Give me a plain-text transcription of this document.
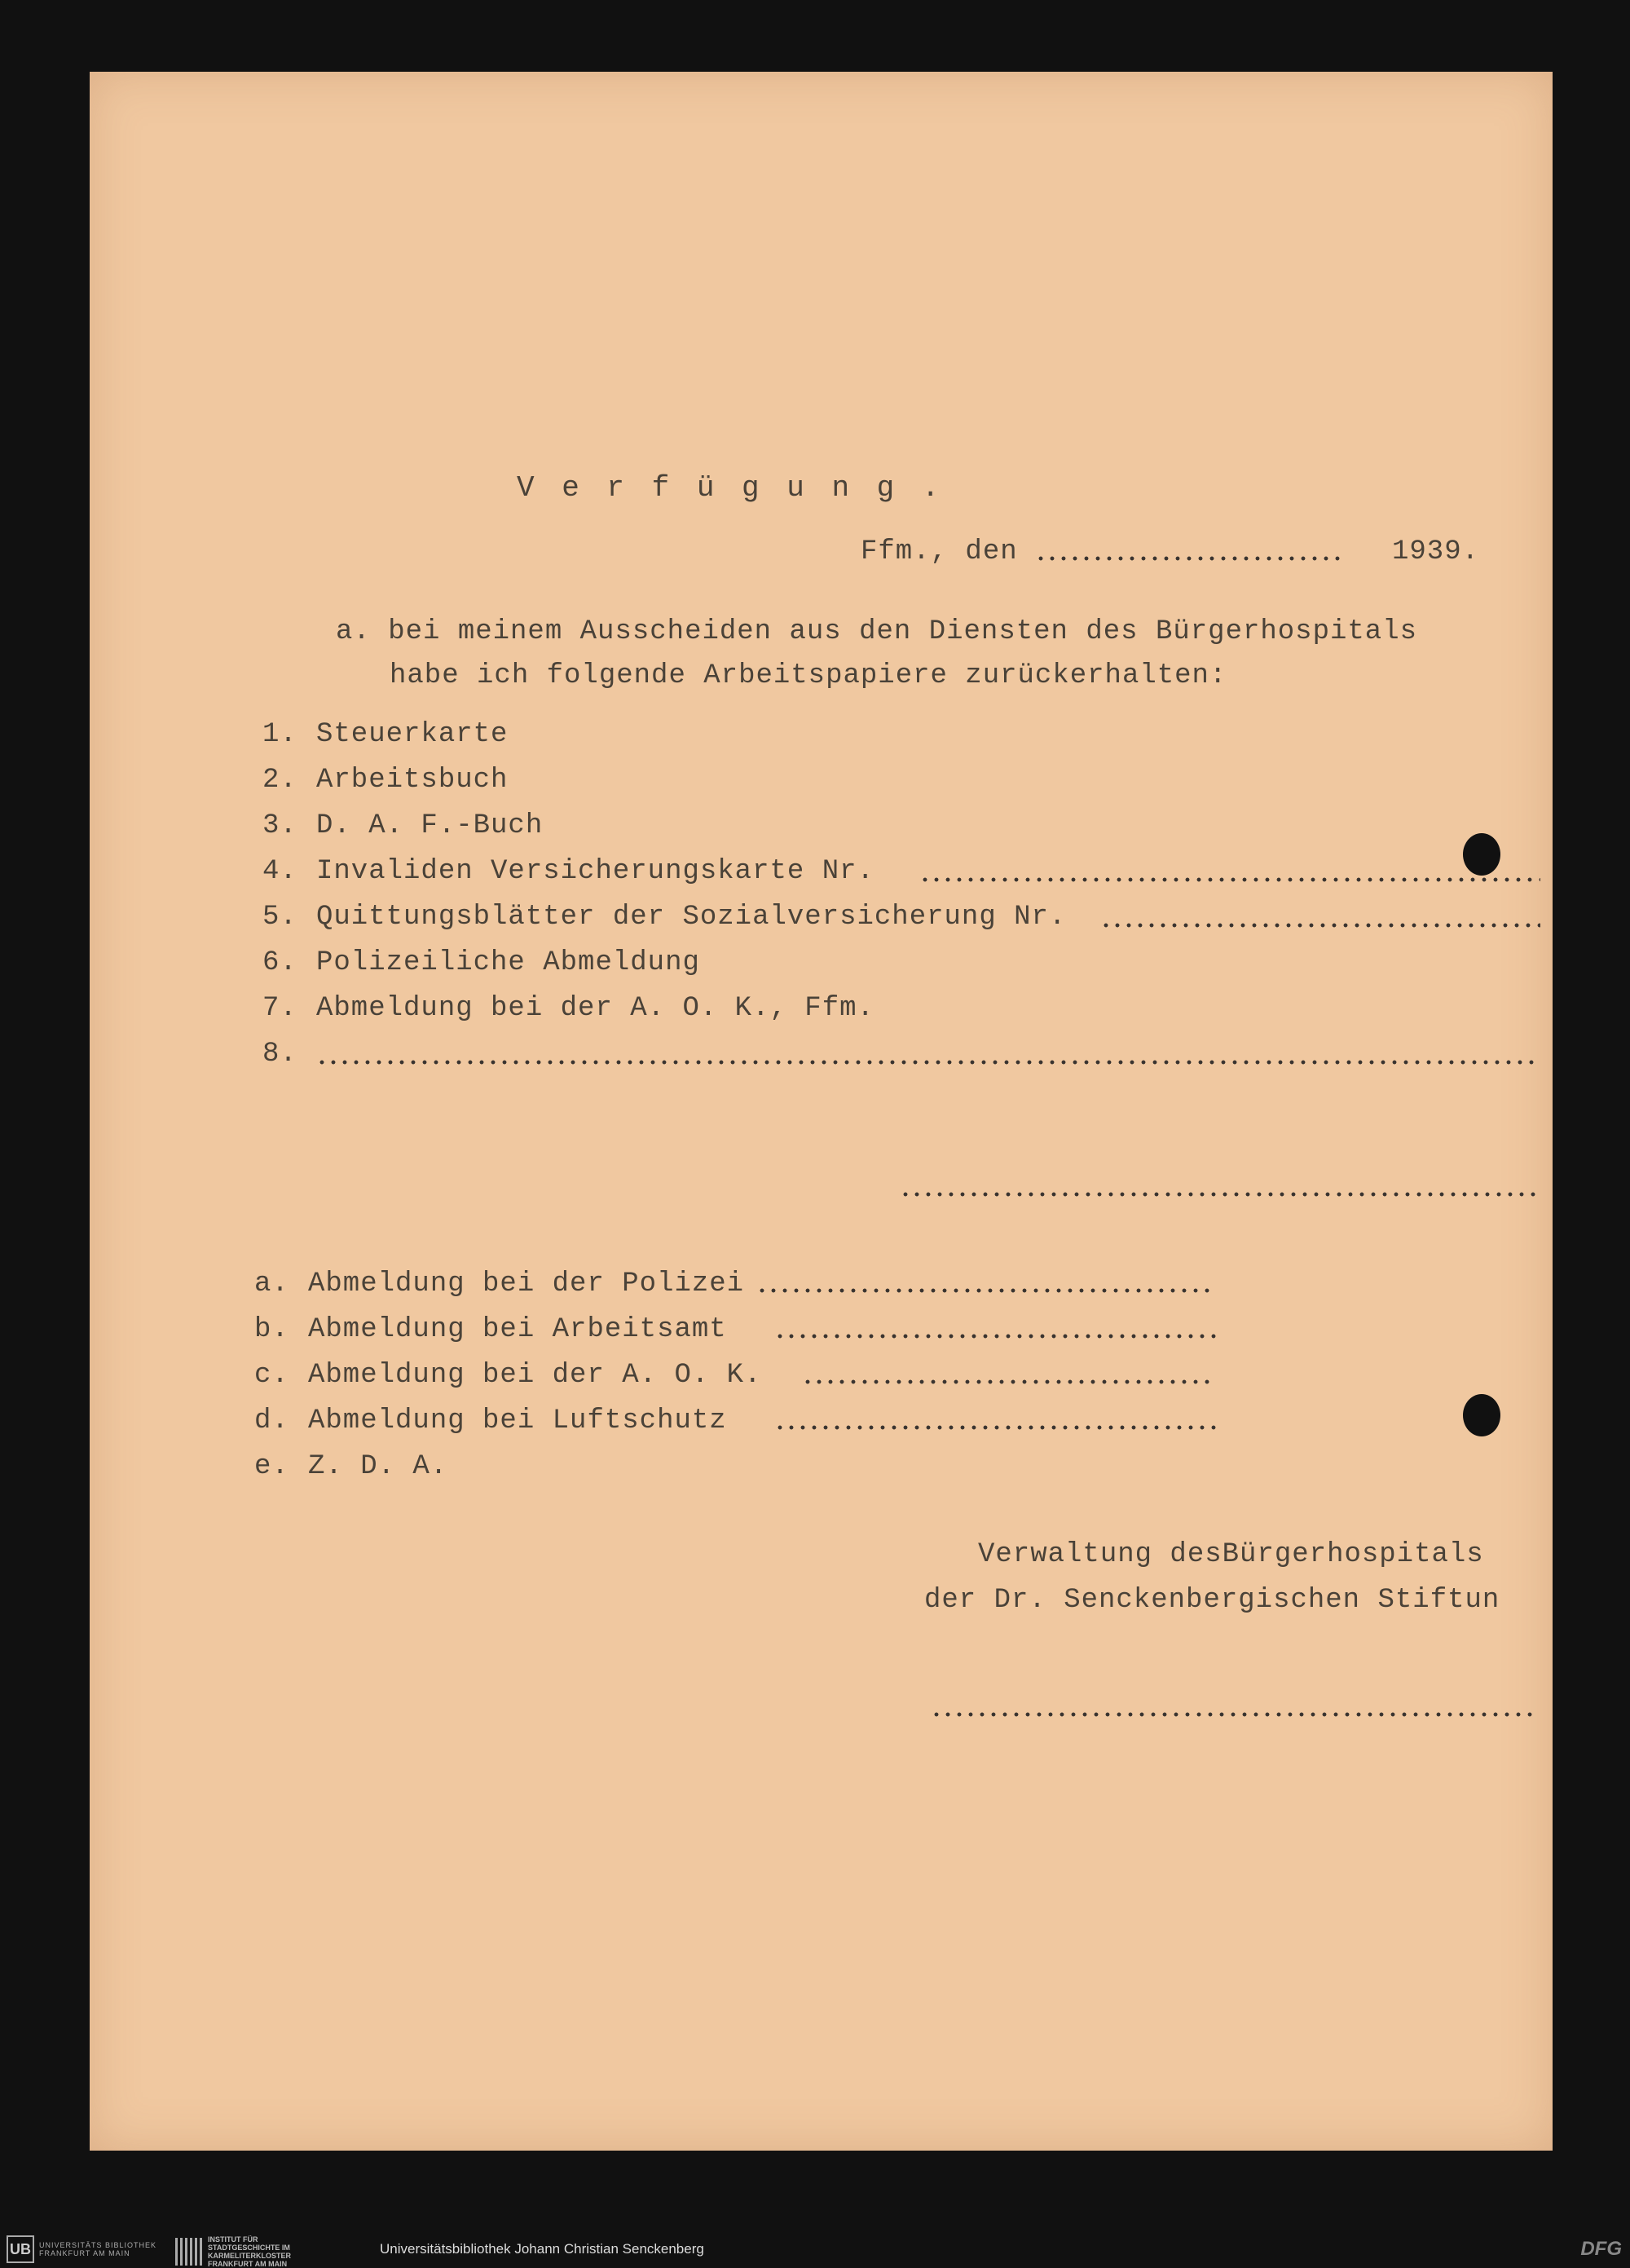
V e r f ü g u n g .
Ffm., den	1939.
a. bei meinem Ausscheiden aus den Diensten des Bürgerhospitals
habe ich folgende Arbeitspapiere zurückerhalten:
1. Steuerkarte
2. Arbeitsbuch
3. D. A. F.-Buch
4. Invaliden Versicherungskarte Nr.
5. Quittungsblätter der Sozialversicherung Nr.
6. Polizeiliche Abmeldung
7. Abmeldung bei der A. O. K., Ffm.
8.
a. Abmeldung bei der Polizei
b. Abmeldung bei Arbeitsamt
c. Abmeldung bei der A. O. K.
d. Abmeldung bei Luftschutz
e. Z. D. A.
Verwaltung desBürgerhospitals
der Dr. Senckenbergischen Stiftun
UB	UNIVERSITÄTS BIBLIOTHEK FRANKFURT AM MAIN
INSTITUT FÜR STADTGESCHICHTE IM KARMELITERKLOSTER FRANKFURT AM MAIN
Universitätsbibliothek Johann Christian Senckenberg	DFG
